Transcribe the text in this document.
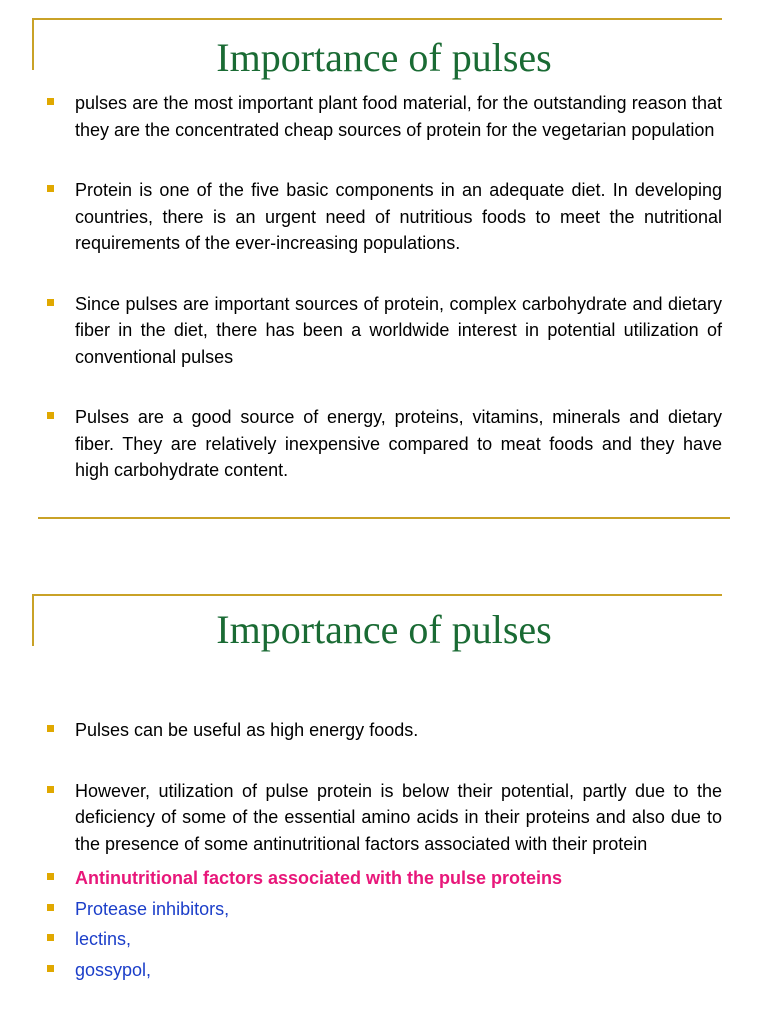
Importance of pulses
pulses are the most important plant food material, for the outstanding reason that they are the concentrated cheap sources of protein for the vegetarian population
Protein is one of the five basic components in an adequate diet. In developing countries, there is an urgent need of nutritious foods to meet the nutritional requirements of the ever-increasing populations.
Since pulses are important sources of protein, complex carbohydrate and dietary fiber in the diet, there has been a worldwide interest in potential utilization of conventional pulses
Pulses are a good source of energy, proteins, vitamins, minerals and dietary fiber. They are relatively inexpensive compared to meat foods and they have high carbohydrate content.
Importance of pulses
Pulses can be useful as high energy foods.
However, utilization of pulse protein is below their potential, partly due to the deficiency of some of the essential amino acids in their proteins and also due to the presence of some antinutritional factors associated with their protein
Antinutritional factors associated with the pulse proteins
Protease inhibitors,
lectins,
gossypol,
